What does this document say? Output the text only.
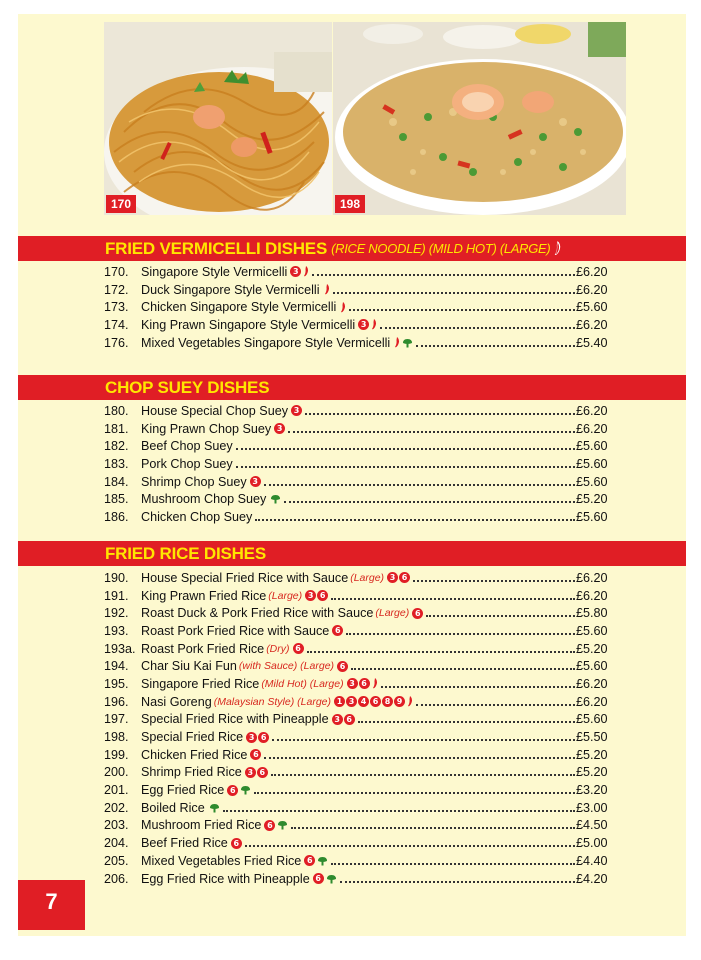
170	198
FRIED VERMICELLI DISHES (RICE NOODLE) (MILD HOT) (LARGE)
170. Singapore Style Vermicelli 3	£6.20
172. Duck Singapore Style Vermicelli	£6.20
173. Chicken Singapore Style Vermicelli	£5.60
174. King Prawn Singapore Style Vermicelli 3	£6.20
176. Mixed Vegetables Singapore Style Vermicelli	£5.40
CHOP SUEY DISHES
180. House Special Chop Suey 3	£6.20
181. King Prawn Chop Suey 3	£6.20
182. Beef Chop Suey	£5.60
183. Pork Chop Suey	£5.60
184. Shrimp Chop Suey 3	£5.60
185. Mushroom Chop Suey	£5.20
186. Chicken Chop Suey	£5.60
FRIED RICE DISHES
190. House Special Fried Rice with Sauce (Large) 3 6	£6.20
191. King Prawn Fried Rice (Large) 3 6	£6.20
192. Roast Duck & Pork Fried Rice with Sauce (Large) 6	£5.80
193. Roast Pork Fried Rice with Sauce 6	£5.60
193a. Roast Pork Fried Rice (Dry) 6	£5.20
194. Char Siu Kai Fun (with Sauce) (Large) 6	£5.60
195. Singapore Fried Rice (Mild Hot) (Large) 3 6	£6.20
196. Nasi Goreng (Malaysian Style) (Large) 1 3 4 6 8 9	£6.20
197. Special Fried Rice with Pineapple 3 6	£5.60
198. Special Fried Rice 3 6	£5.50
199. Chicken Fried Rice 6	£5.20
200. Shrimp Fried Rice 3 6	£5.20
201. Egg Fried Rice 6	£3.20
202. Boiled Rice	£3.00
203. Mushroom Fried Rice 6	£4.50
204. Beef Fried Rice 6	£5.00
205. Mixed Vegetables Fried Rice 6	£4.40
206. Egg Fried Rice with Pineapple 6	£4.20
7
